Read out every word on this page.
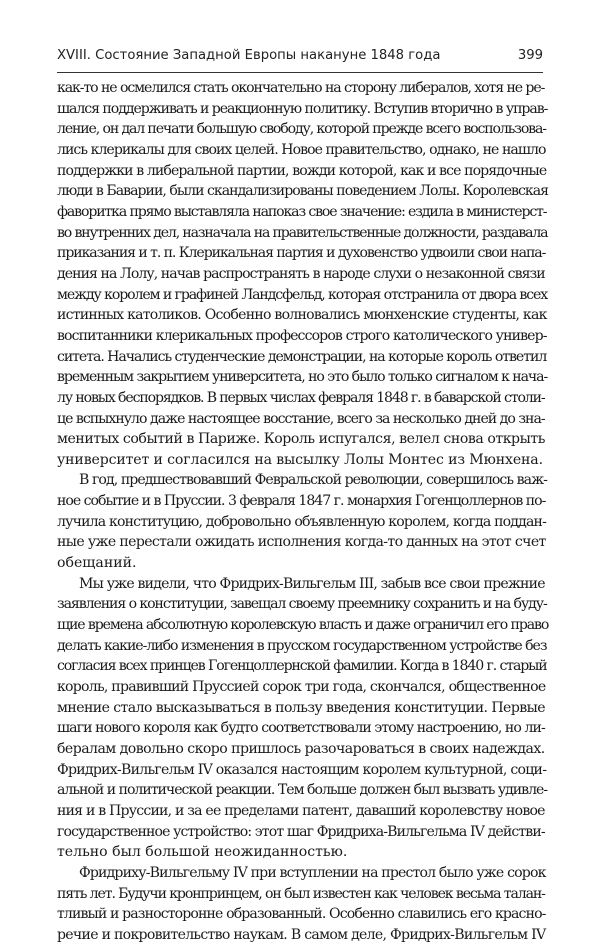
XVIII. Состояние Западной Европы накануне 1848 года	399

как-то не осмелился стать окончательно на сторону либералов, хотя не ре-
шался поддерживать и реакционную политику. Вступив вторично в управ-
ление, он дал печати большую свободу, которой прежде всего воспользова-
лись клерикалы для своих целей. Новое правительство, однако, не нашло
поддержки в либеральной партии, вожди которой, как и все порядочные
люди в Баварии, были скандализированы поведением Лолы. Королевская
фаворитка прямо выставляла напоказ свое значение: ездила в министерст-
во внутренних дел, назначала на правительственные должности, раздавала
приказания и т. п. Клерикальная партия и духовенство удвоили свои напа-
дения на Лолу, начав распространять в народе слухи о незаконной связи
между королем и графиней Ландсфельд, которая отстранила от двора всех
истинных католиков. Особенно волновались мюнхенские студенты, как
воспитанники клерикальных профессоров строго католического универ-
ситета. Начались студенческие демонстрации, на которые король ответил
временным закрытием университета, но это было только сигналом к нача-
лу новых беспорядков. В первых числах февраля 1848 г. в баварской столи-
це вспыхнуло даже настоящее восстание, всего за несколько дней до зна-
менитых событий в Париже. Король испугался, велел снова открыть
университет и согласился на высылку Лолы Монтес из Мюнхена.

В год, предшествовавший Февральской революции, совершилось важ-
ное событие и в Пруссии. 3 февраля 1847 г. монархия Гогенцоллернов по-
лучила конституцию, добровольно объявленную королем, когда поддан-
ные уже перестали ожидать исполнения когда-то данных на этот счет
обещаний.

Мы уже видели, что Фридрих-Вильгельм III, забыв все свои прежние
заявления о конституции, завещал своему преемнику сохранить и на буду-
щие времена абсолютную королевскую власть и даже ограничил его право
делать какие-либо изменения в прусском государственном устройстве без
согласия всех принцев Гогенцоллернской фамилии. Когда в 1840 г. старый
король, правивший Пруссией сорок три года, скончался, общественное
мнение стало высказываться в пользу введения конституции. Первые
шаги нового короля как будто соответствовали этому настроению, но ли-
бералам довольно скоро пришлось разочароваться в своих надеждах.
Фридрих-Вильгельм IV оказался настоящим королем культурной, соци-
альной и политической реакции. Тем больше должен был вызвать удивле-
ния и в Пруссии, и за ее пределами патент, даваший королевству новое
государственное устройство: этот шаг Фридриха-Вильгельма IV действи-
тельно был большой неожиданностью.

Фридриху-Вильгельму IV при вступлении на престол было уже сорок
пять лет. Будучи кронпринцем, он был известен как человек весьма талан-
тливый и разносторонне образованный. Особенно славились его красно-
речие и покровительство наукам. В самом деле, Фридрих-Вильгельм IV
